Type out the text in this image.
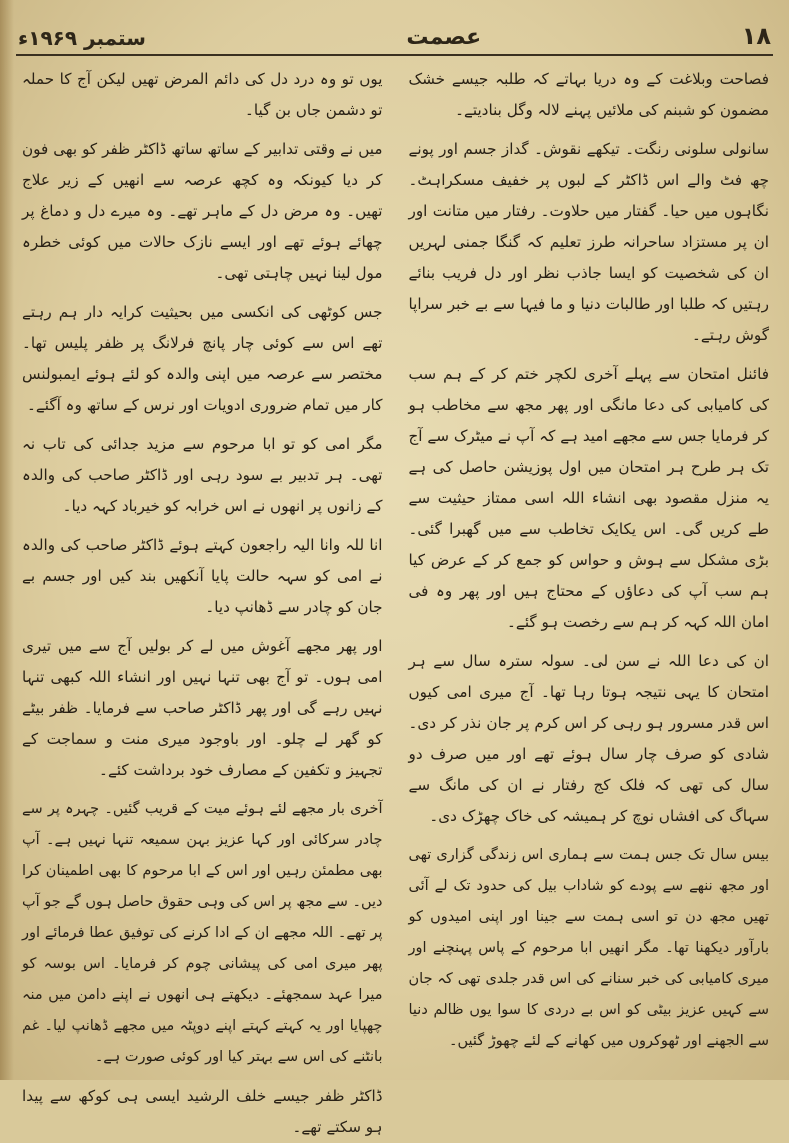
۱۸
عصمت
ستمبر ۱۹۶۹ء

فصاحت وبلاغت کے وہ دریا بہاتے کہ طلبہ جیسے خشک مضمون کو شبنم کی ملائیں پہنے لالہ وگل بنادیتے۔

سانولی سلونی رنگت۔ تیکھے نقوش۔ گداز جسم اور پونے چھ فٹ والے اس ڈاکٹر کے لبوں پر خفیف مسکراہٹ۔ نگاہوں میں حیا۔ گفتار میں حلاوت۔ رفتار میں متانت اور ان پر مستزاد ساحرانہ طرز تعلیم کہ گنگا جمنی لہریں ان کی شخصیت کو ایسا جاذب نظر اور دل فریب بنائے رہتیں کہ طلبا اور طالبات دنیا و ما فیہا سے بے خبر سراپا گوش رہتے۔

فائنل امتحان سے پہلے آخری لکچر ختم کر کے ہم سب کی کامیابی کی دعا مانگی اور پھر مجھ سے مخاطب ہو کر فرمایا جس سے مجھے امید ہے کہ آپ نے میٹرک سے آج تک ہر طرح ہر امتحان میں اول پوزیشن حاصل کی ہے یہ منزل مقصود بھی انشاء اللہ اسی ممتاز حیثیت سے طے کریں گی۔ اس یکایک تخاطب سے میں گھبرا گئی۔ بڑی مشکل سے ہوش و حواس کو جمع کر کے عرض کیا ہم سب آپ کی دعاؤں کے محتاج ہیں اور پھر وہ فی امان اللہ کہہ کر ہم سے رخصت ہو گئے۔

ان کی دعا اللہ نے سن لی۔ سولہ سترہ سال سے ہر امتحان کا یہی نتیجہ ہوتا رہا تھا۔ آج میری امی کیوں اس قدر مسرور ہو رہی کر اس کرم پر جان نذر کر دی۔ شادی کو صرف چار سال ہوئے تھے اور میں صرف دو سال کی تھی کہ فلک کج رفتار نے ان کی مانگ سے سہاگ کی افشاں نوچ کر ہمیشہ کی خاک چھڑک دی۔

بیس سال تک جس ہمت سے ہماری اس زندگی گزاری تھی اور مجھ ننھے سے پودے کو شاداب بیل کی حدود تک لے آئی تھیں مجھ دن تو اسی ہمت سے جینا اور اپنی امیدوں کو بارآور دیکھنا تھا۔ مگر انھیں ابا مرحوم کے پاس پہنچنے اور میری کامیابی کی خبر سنانے کی اس قدر جلدی تھی کہ جان سے کہیں عزیز بیٹی کو اس بے دردی کا سوا یوں ظالم دنیا سے الجھنے اور ٹھوکروں میں کھانے کے لئے چھوڑ گئیں۔

یوں تو وہ درد دل کی دائم المرض تھیں لیکن آج کا حملہ تو دشمن جاں بن گیا۔

میں نے وقتی تدابیر کے ساتھ ساتھ ڈاکٹر ظفر کو بھی فون کر دیا کیونکہ وہ کچھ عرصہ سے انھیں کے زیر علاج تھیں۔ وہ مرض دل کے ماہر تھے۔ وہ میرے دل و دماغ پر چھائے ہوئے تھے اور ایسے نازک حالات میں کوئی خطرہ مول لینا نہیں چاہتی تھی۔

جس کوٹھی کی انکسی میں بحیثیت کرایہ دار ہم رہتے تھے اس سے کوئی چار پانچ فرلانگ پر ظفر پلیس تھا۔ مختصر سے عرصہ میں اپنی والدہ کو لئے ہوئے ایمبولنس کار میں تمام ضروری ادویات اور نرس کے ساتھ وہ آگئے۔

مگر امی کو تو ابا مرحوم سے مزید جدائی کی تاب نہ تھی۔ ہر تدبیر بے سود رہی اور ڈاکٹر صاحب کی والدہ کے زانوں پر انھوں نے اس خرابہ کو خیرباد کہہ دیا۔

انا للہ وانا الیہ راجعون کہتے ہوئے ڈاکٹر صاحب کی والدہ نے امی کو سہہ حالت پایا آنکھیں بند کیں اور جسم بے جان کو چادر سے ڈھانپ دیا۔

اور پھر مجھے آغوش میں لے کر بولیں آج سے میں تیری امی ہوں۔ تو آج بھی تنہا نہیں اور انشاء اللہ کبھی تنہا نہیں رہے گی اور پھر ڈاکٹر صاحب سے فرمایا۔ ظفر بیٹے کو گھر لے چلو۔ اور باوجود میری منت و سماجت کے تجہیز و تکفین کے مصارف خود برداشت کئے۔

آخری بار مجھے لئے ہوئے میت کے قریب گئیں۔ چہرہ پر سے چادر سرکائی اور کہا عزیز بہن سمیعہ تنہا نہیں ہے۔ آپ بھی مطمئن رہیں اور اس کے ابا مرحوم کا بھی اطمینان کرا دیں۔ سے مجھ پر اس کی وہی حقوق حاصل ہوں گے جو آپ پر تھے۔ اللہ مجھے ان کے ادا کرنے کی توفیق عطا فرمائے اور پھر میری امی کی پیشانی چوم کر فرمایا۔ اس بوسہ کو میرا عہد سمجھئے۔ دیکھتے ہی انھوں نے اپنے دامن میں منہ چھپایا اور یہ کہتے کہتے اپنے دوپٹہ میں مجھے ڈھانپ لیا۔ غم بانٹنے کی اس سے بہتر کیا اور کوئی صورت ہے۔

ڈاکٹر ظفر جیسے خلف الرشید ایسی ہی کوکھ سے پیدا ہو سکتے تھے۔
